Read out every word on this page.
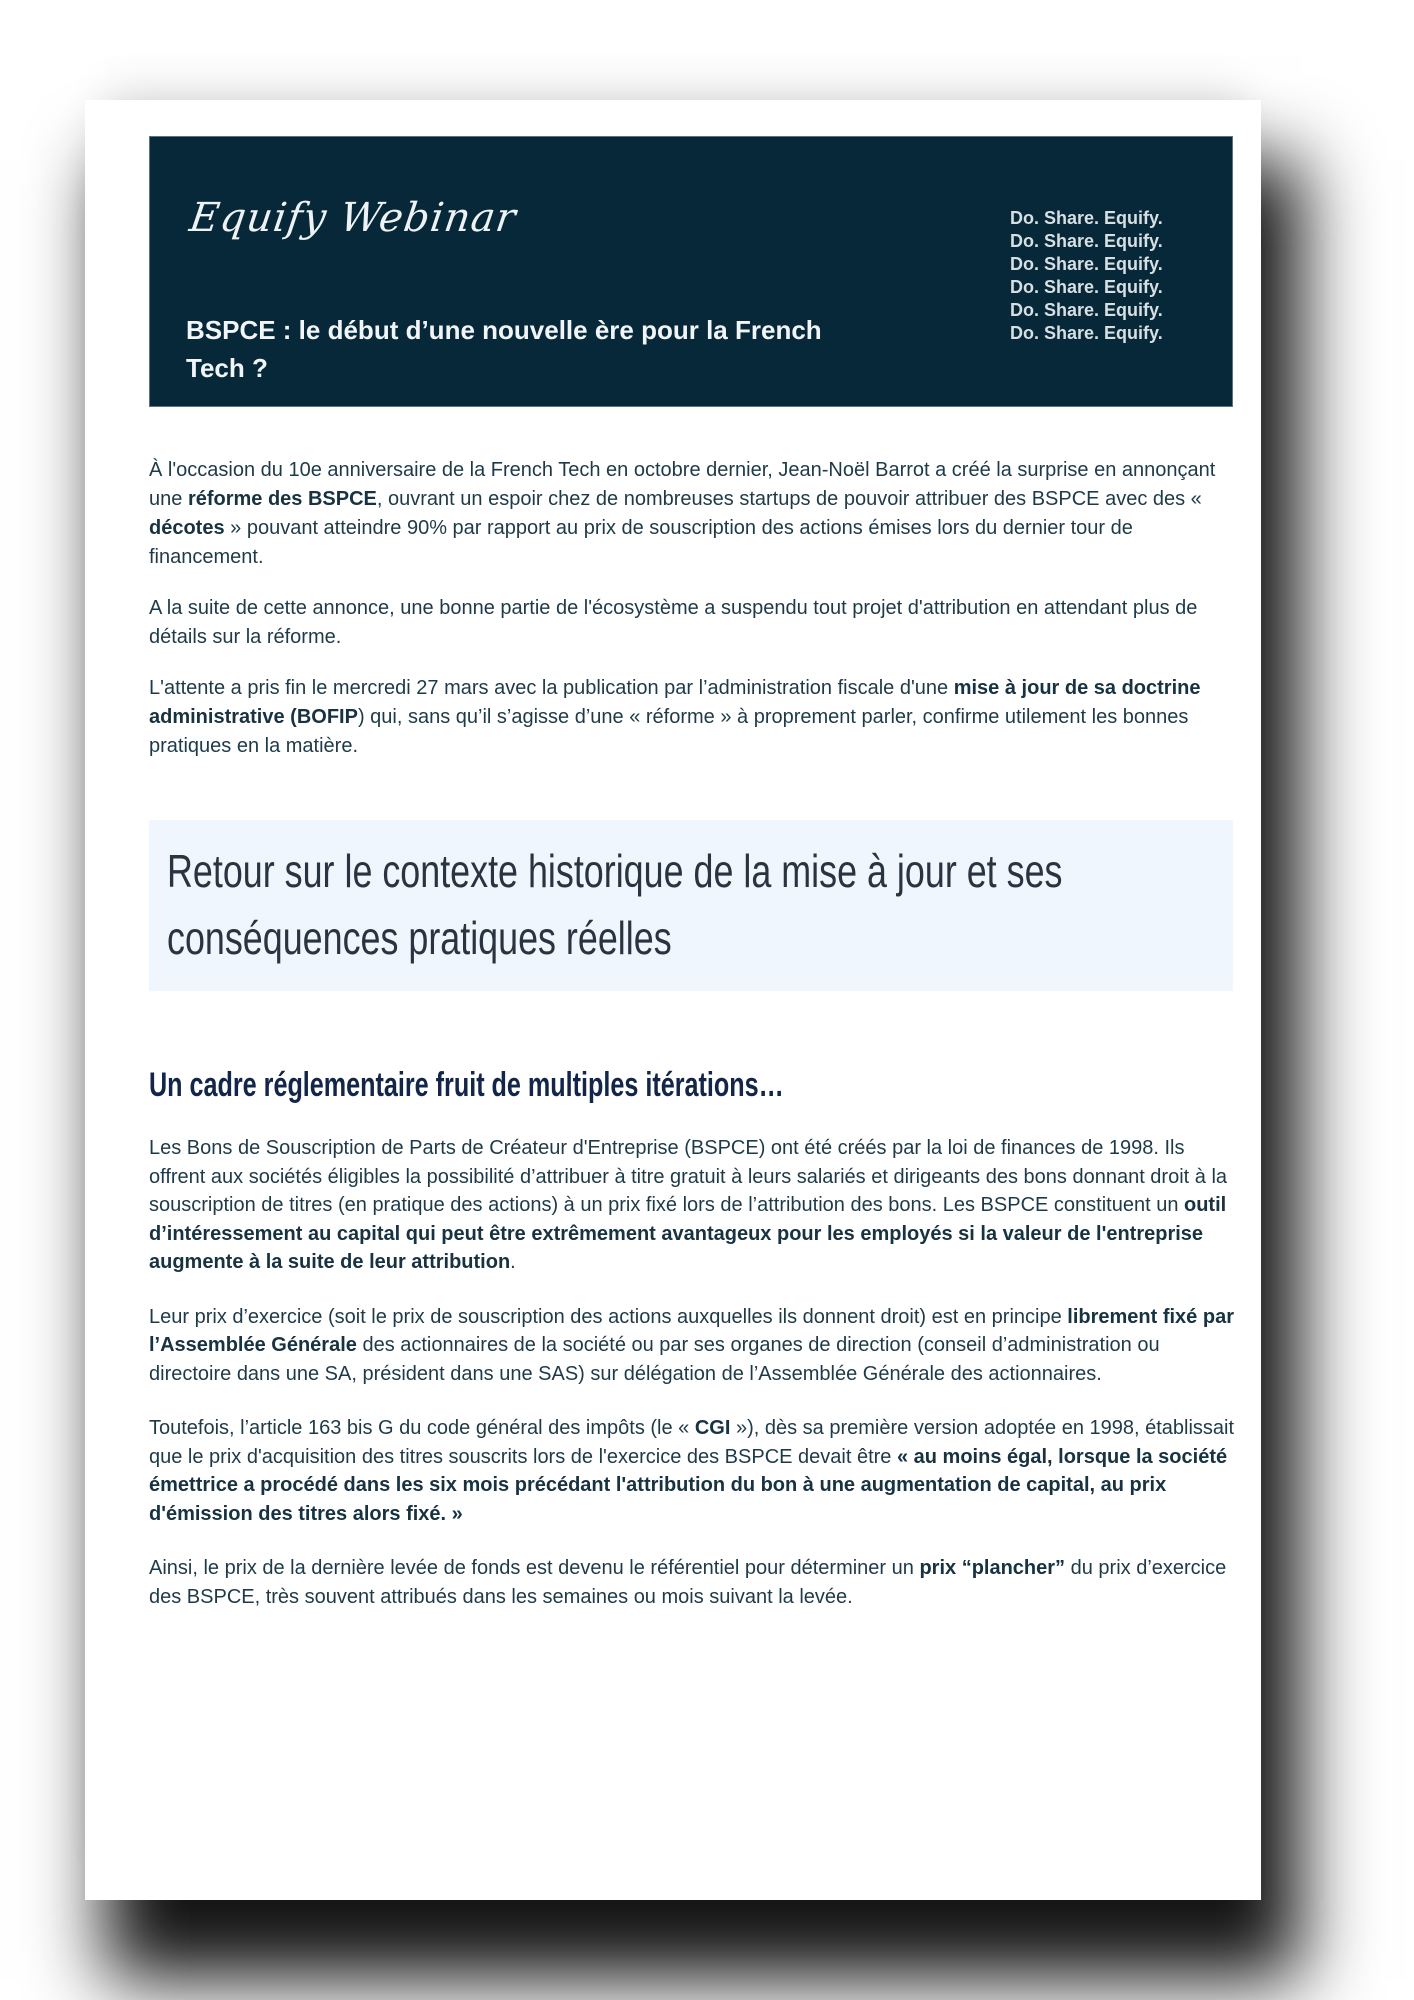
Equify Webinar
BSPCE : le début d’une nouvelle ère pour la French Tech ?
Do. Share. Equify.
Do. Share. Equify.
Do. Share. Equify.
Do. Share. Equify.
Do. Share. Equify.
Do. Share. Equify.

À l'occasion du 10e anniversaire de la French Tech en octobre dernier, Jean-Noël Barrot a créé la surprise en annonçant une réforme des BSPCE, ouvrant un espoir chez de nombreuses startups de pouvoir attribuer des BSPCE avec des « décotes » pouvant atteindre 90% par rapport au prix de souscription des actions émises lors du dernier tour de financement.

A la suite de cette annonce, une bonne partie de l'écosystème a suspendu tout projet d'attribution en attendant plus de détails sur la réforme.

L'attente a pris fin le mercredi 27 mars avec la publication par l’administration fiscale d'une mise à jour de sa doctrine administrative (BOFIP) qui, sans qu’il s’agisse d’une « réforme » à proprement parler, confirme utilement les bonnes pratiques en la matière.

Retour sur le contexte historique de la mise à jour et ses conséquences pratiques réelles
Un cadre réglementaire fruit de multiples itérations…

Les Bons de Souscription de Parts de Créateur d'Entreprise (BSPCE) ont été créés par la loi de finances de 1998. Ils offrent aux sociétés éligibles la possibilité d’attribuer à titre gratuit à leurs salariés et dirigeants des bons donnant droit à la souscription de titres (en pratique des actions) à un prix fixé lors de l’attribution des bons. Les BSPCE constituent un outil d’intéressement au capital qui peut être extrêmement avantageux pour les employés si la valeur de l'entreprise augmente à la suite de leur attribution.

Leur prix d’exercice (soit le prix de souscription des actions auxquelles ils donnent droit) est en principe librement fixé par l’Assemblée Générale des actionnaires de la société ou par ses organes de direction (conseil d’administration ou directoire dans une SA, président dans une SAS) sur délégation de l’Assemblée Générale des actionnaires.

Toutefois, l’article 163 bis G du code général des impôts (le « CGI »), dès sa première version adoptée en 1998, établissait que le prix d'acquisition des titres souscrits lors de l'exercice des BSPCE devait être « au moins égal, lorsque la société émettrice a procédé dans les six mois précédant l'attribution du bon à une augmentation de capital, au prix d'émission des titres alors fixé. »

Ainsi, le prix de la dernière levée de fonds est devenu le référentiel pour déterminer un prix “plancher” du prix d’exercice des BSPCE, très souvent attribués dans les semaines ou mois suivant la levée.
